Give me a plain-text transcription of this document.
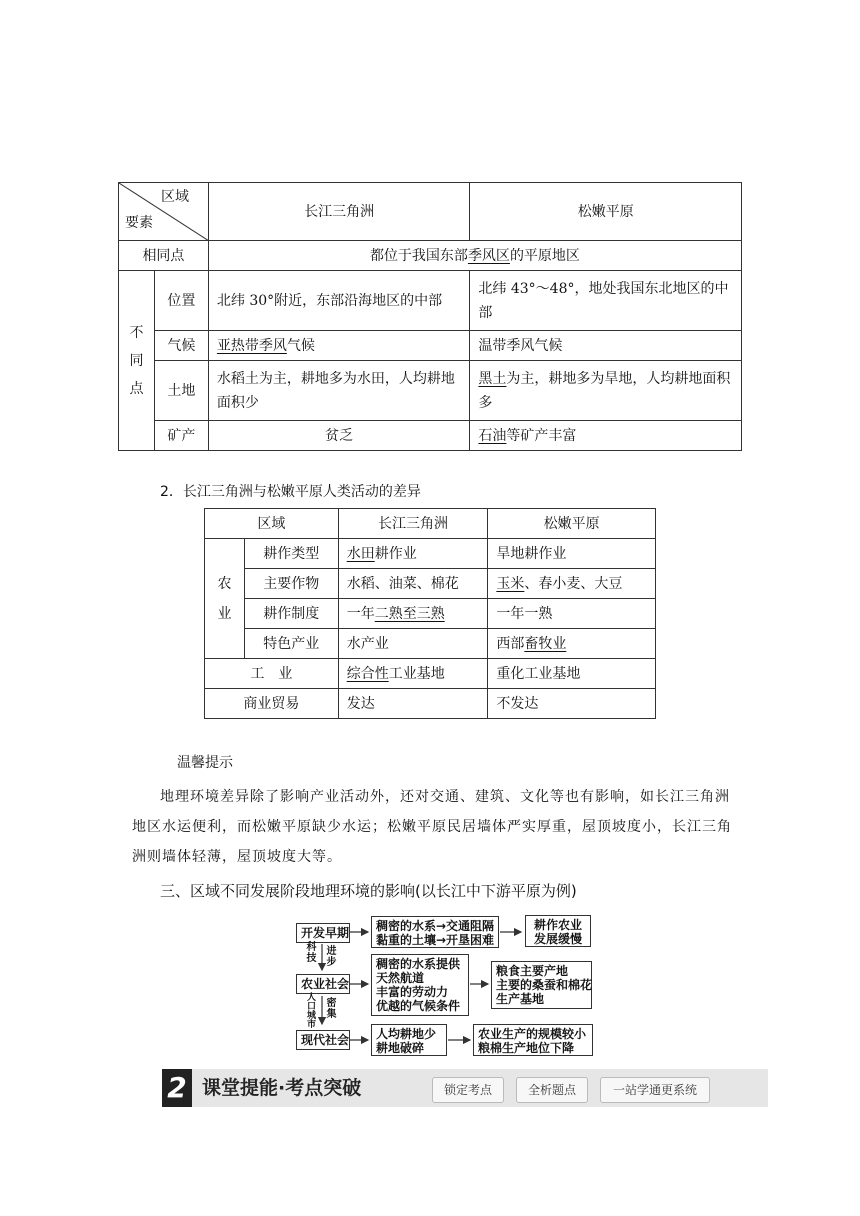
区域
要素		长江三角洲	松嫩平原
相同点		都位于我国东部季风区的平原地区	

不
同
点	位置	北纬 30°附近，东部沿海地区的中部	北纬 43°～48°，地处我国东北地区的中部
	气候	亚热带季风气候	温带季风气候
	土地	水稻土为主，耕地多为水田，人均耕地面积少	黑土为主，耕地多为旱地，人均耕地面积多
	矿产	贫乏	石油等矿产丰富
2．长江三角洲与松嫩平原人类活动的差异
区域		长江三角洲	松嫩平原

农
业	耕作类型	水田耕作业	旱地耕作业
	主要作物	水稻、油菜、棉花	玉米、春小麦、大豆
	耕作制度	一年二熟至三熟	一年一熟
	特色产业	水产业	西部畜牧业
工　业		综合性工业基地	重化工业基地
商业贸易		发达	不发达
温馨提示
地理环境差异除了影响产业活动外，还对交通、建筑、文化等也有影响，如长江三角洲
地区水运便利，而松嫩平原缺少水运；松嫩平原民居墙体严实厚重，屋顶坡度小，长江三角
洲则墙体轻薄，屋顶坡度大等。
三、区域不同发展阶段地理环境的影响(以长江中下游平原为例)
开发早期
农业社会
现代社会
科技
进步
人口城市
密集
稠密的水系→交通阻隔
黏重的土壤→开垦困难
耕作农业
发展缓慢
稠密的水系提供
天然航道
丰富的劳动力
优越的气候条件
粮食主要产地
主要的桑蚕和棉花
生产基地
人均耕地少
耕地破碎
农业生产的规模较小
粮棉生产地位下降
2 课堂提能·考点突破	锁定考点	全析题点	一站学通更系统
